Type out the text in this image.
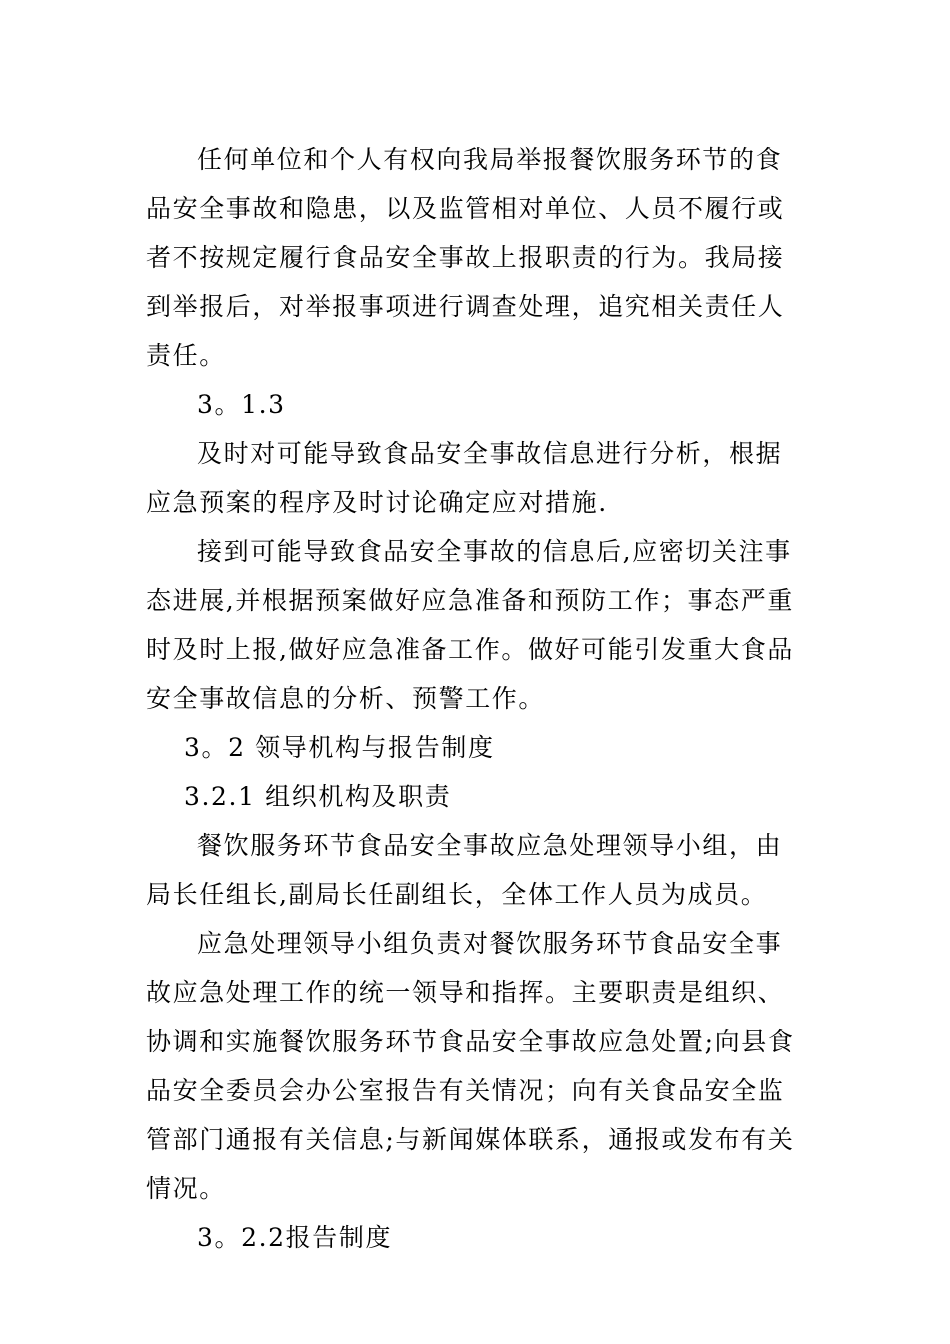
任何单位和个人有权向我局举报餐饮服务环节的食品安全事故和隐患，以及监管相对单位、人员不履行或者不按规定履行食品安全事故上报职责的行为。我局接到举报后，对举报事项进行调查处理，追究相关责任人责任。

3。1.3

及时对可能导致食品安全事故信息进行分析，根据应急预案的程序及时讨论确定应对措施.

接到可能导致食品安全事故的信息后,应密切关注事态进展,并根据预案做好应急准备和预防工作；事态严重时及时上报,做好应急准备工作。做好可能引发重大食品安全事故信息的分析、预警工作。

3。2 领导机构与报告制度

3.2.1 组织机构及职责

餐饮服务环节食品安全事故应急处理领导小组，由局长任组长,副局长任副组长，全体工作人员为成员。

应急处理领导小组负责对餐饮服务环节食品安全事故应急处理工作的统一领导和指挥。主要职责是组织、协调和实施餐饮服务环节食品安全事故应急处置;向县食品安全委员会办公室报告有关情况；向有关食品安全监管部门通报有关信息;与新闻媒体联系，通报或发布有关情况。

3。2.2报告制度
